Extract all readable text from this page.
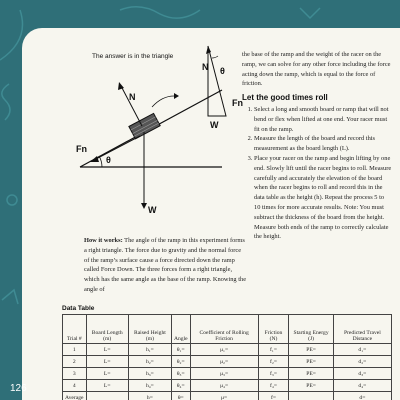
The answer is in the triangle
N
W
Fn
θ
N θ
W
Fn
How it works: The angle of the ramp in this experiment forms a right triangle. The force due to gravity and the normal force of the ramp’s surface cause a force directed down the ramp called Force Down. The three forces form a right triangle, which has the same angle as the base of the ramp. Knowing the angle of

the base of the ramp and the weight of the racer on the ramp, we can solve for any other force including the force acting down the ramp, which is equal to the force of friction.

Let the good times roll

1. Select a long and smooth board or ramp that will not bend or flex when lifted at one end. Your racer must fit on the ramp.
2. Measure the length of the board and record this measurement as the board length (L).
3. Place your racer on the ramp and begin lifting by one end. Slowly lift until the racer begins to roll. Measure carefully and accurately the elevation of the board when the racer begins to roll and record this in the data table as the height (h). Repeat the process 5 to 10 times for more accurate results. Note: You must subtract the thickness of the board from the height. Measure both ends of the ramp to correctly calculate the height.
Data Table
Trial #	Board Length (m)	Raised Height (m)	Angle	Coefficient of Rolling Friction	Friction (N)	Starting Energy (J)	Predicted Travel Distance
1	L=	h₁=	θ₁=	μ₁=	f₁=	PE=	d₁=
2	L=	h₂=	θ₂=	μ₂=	f₂=	PE=	d₂=
3	L=	h₃=	θ₃=	μ₃=	f₃=	PE=	d₃=
4	L=	h₄=	θ₄=	μ₄=	f₄=	PE=	d₄=
Average		h=	θ=	μ=	f=		d=
126
